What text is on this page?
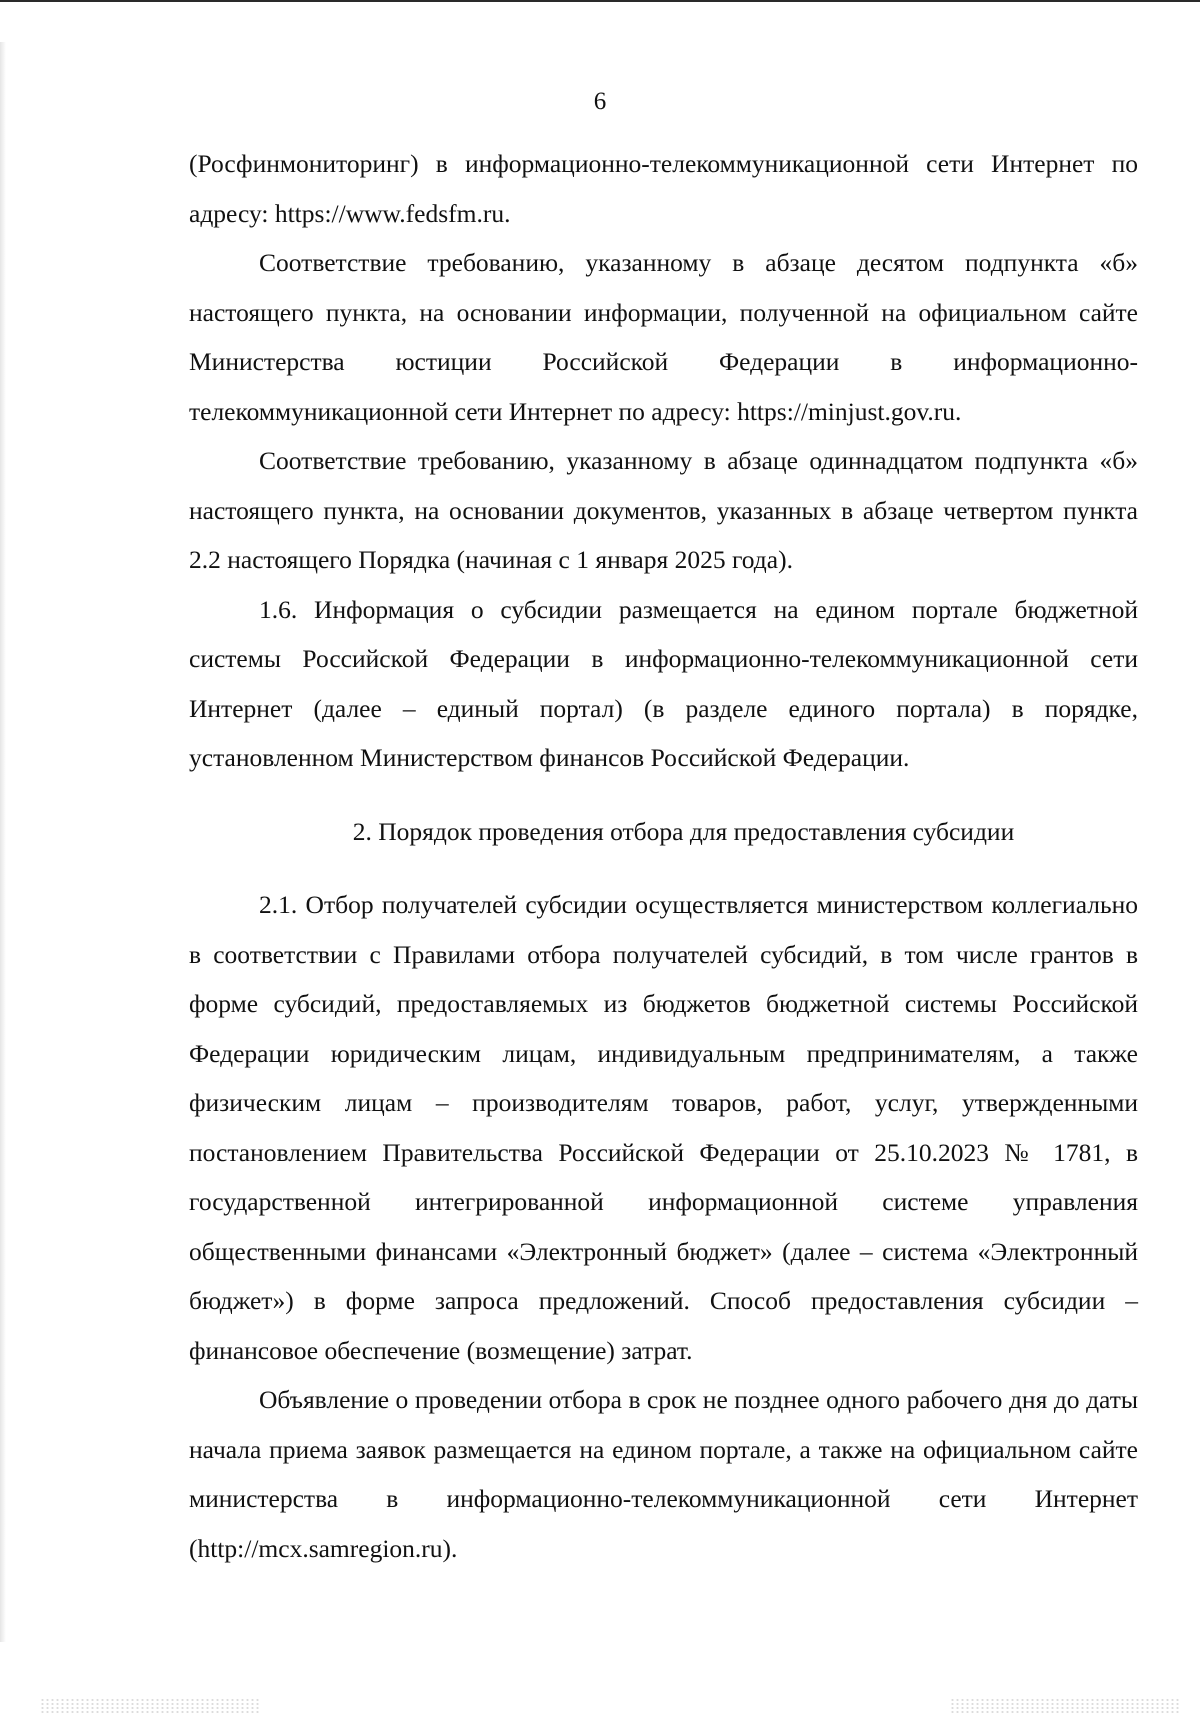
6

(Росфинмониторинг) в информационно-телекоммуникационной сети Интернет по адресу: https://www.fedsfm.ru.

Соответствие требованию, указанному в абзаце десятом подпункта «б» настоящего пункта, на основании информации, полученной на официальном сайте Министерства юстиции Российской Федерации в информационно-телекоммуникационной сети Интернет по адресу: https://minjust.gov.ru.

Соответствие требованию, указанному в абзаце одиннадцатом подпункта «б» настоящего пункта, на основании документов, указанных в абзаце четвертом пункта 2.2 настоящего Порядка (начиная с 1 января 2025 года).

1.6. Информация о субсидии размещается на едином портале бюджетной системы Российской Федерации в информационно-телекоммуникационной сети Интернет (далее – единый портал) (в разделе единого портала) в порядке, установленном Министерством финансов Российской Федерации.

2. Порядок проведения отбора для предоставления субсидии

2.1. Отбор получателей субсидии осуществляется министерством коллегиально в соответствии с Правилами отбора получателей субсидий, в том числе грантов в форме субсидий, предоставляемых из бюджетов бюджетной системы Российской Федерации юридическим лицам, индивидуальным предпринимателям, а также физическим лицам – производителям товаров, работ, услуг, утвержденными постановлением Правительства Российской Федерации от 25.10.2023 № 1781, в государственной интегрированной информационной системе управления общественными финансами «Электронный бюджет» (далее – система «Электронный бюджет») в форме запроса предложений. Способ предоставления субсидии – финансовое обеспечение (возмещение) затрат.

Объявление о проведении отбора в срок не позднее одного рабочего дня до даты начала приема заявок размещается на едином портале, а также на официальном сайте министерства в информационно-телекоммуникационной сети Интернет (http://mcx.samregion.ru).
